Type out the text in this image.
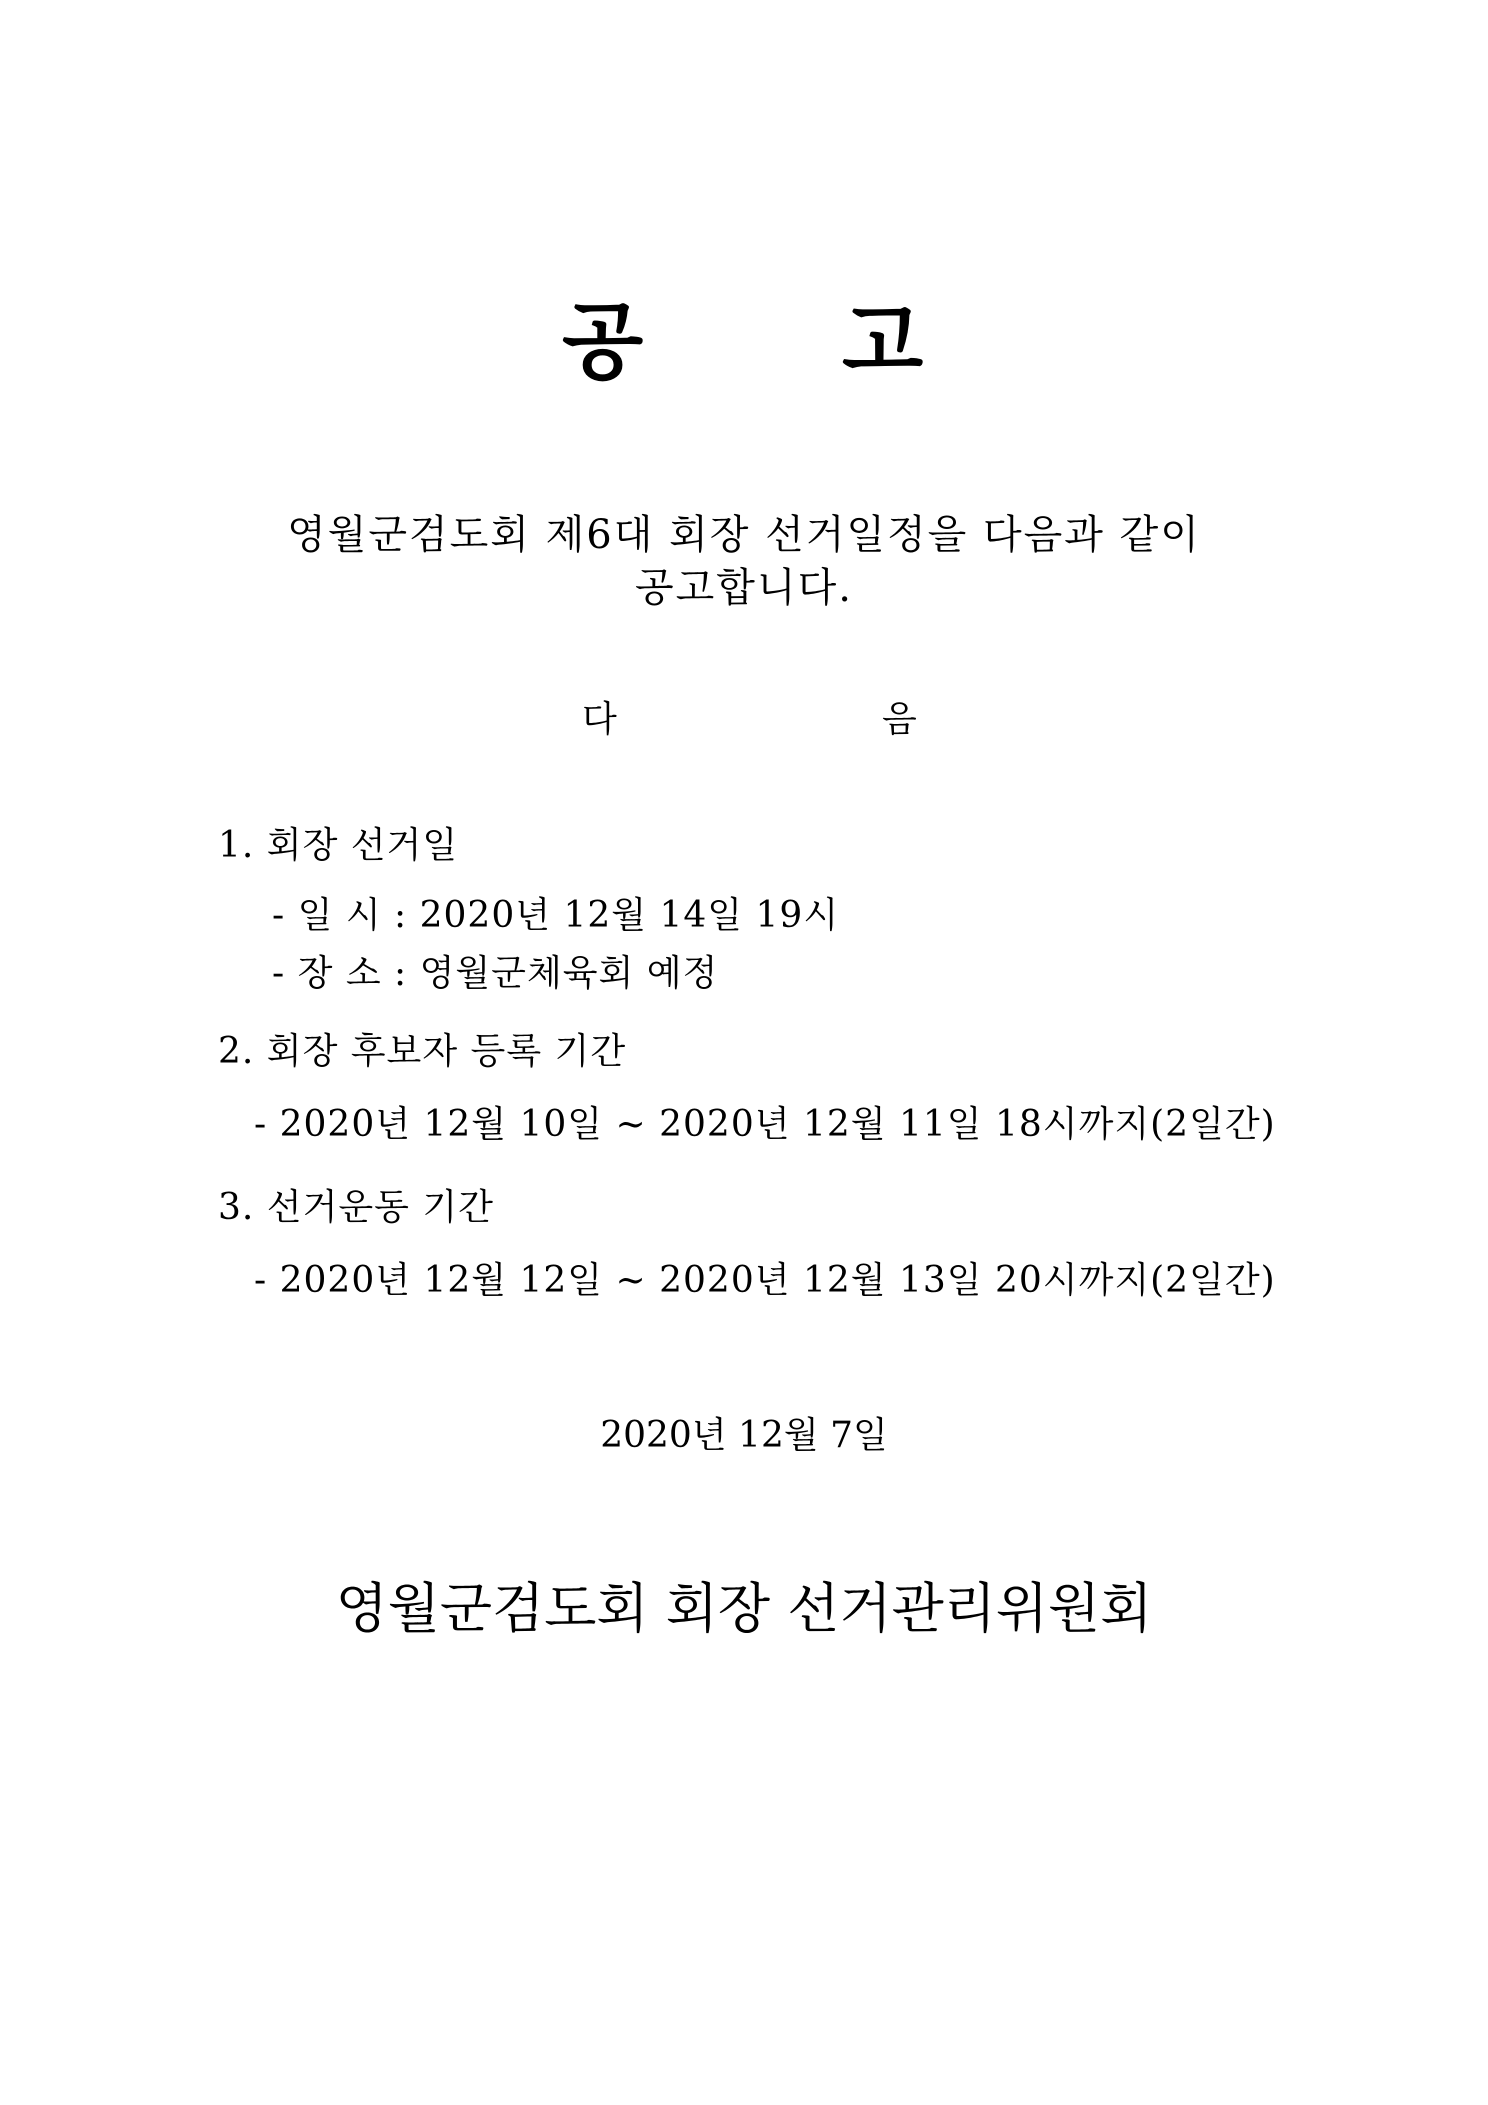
공 고
영월군검도회 제6대 회장 선거일정을 다음과 같이
공고합니다.
다	음
1. 회장 선거일
- 일 시 : 2020년 12월 14일 19시
- 장 소 : 영월군체육회 예정
2. 회장 후보자 등록 기간
- 2020년 12월 10일 ~ 2020년 12월 11일 18시까지(2일간)
3. 선거운동 기간
- 2020년 12월 12일 ~ 2020년 12월 13일 20시까지(2일간)
2020년 12월 7일
영월군검도회 회장 선거관리위원회
